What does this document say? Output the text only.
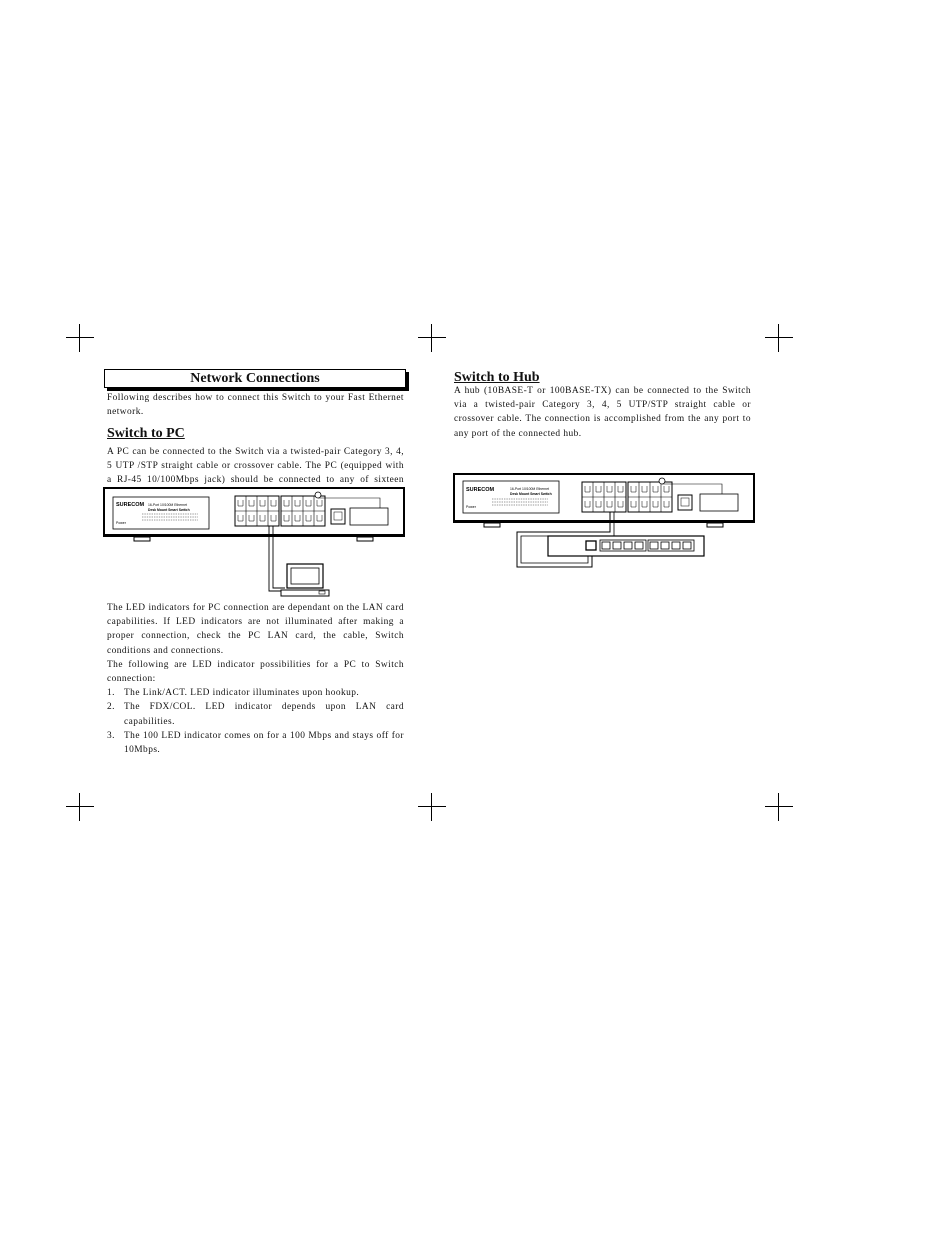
Network Connections

Following describes how to connect this Switch to your Fast Ethernet network.

Switch to PC

A PC can be connected to the Switch via a twisted-pair Category 3, 4, 5 UTP /STP straight cable or crossover cable. The PC (equipped with a RJ-45 10/100Mbps jack) should be connected to any of sixteen

SURECOM 16-Port 10/100M Ethernet
Desk Mount Smart Switch
Power

The LED indicators for PC connection are dependant on the LAN card capabilities. If LED indicators are not illuminated after making a proper connection, check the PC LAN card, the cable, Switch conditions and connections.

The following are LED indicator possibilities for a PC to Switch connection:

1. The Link/ACT. LED indicator illuminates upon hookup.
2. The FDX/COL. LED indicator depends upon LAN card capabilities.
3. The 100 LED indicator comes on for a 100 Mbps and stays off for 10Mbps.
Switch to Hub

A hub (10BASE-T or 100BASE-TX) can be connected to the Switch via a twisted-pair Category 3, 4, 5 UTP/STP straight cable or crossover cable. The connection is accomplished from the any port to any port of the connected hub.

SURECOM	16-Port 10/100M Ethernet
Desk Mount Smart Switch
Power
